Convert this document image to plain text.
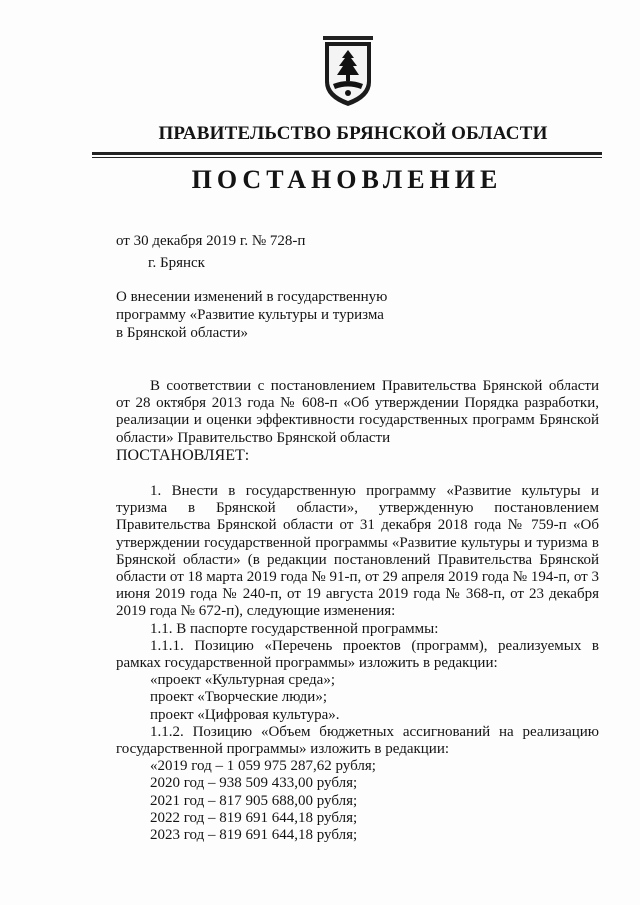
ПРАВИТЕЛЬСТВО БРЯНСКОЙ ОБЛАСТИ
ПОСТАНОВЛЕНИЕ
от 30 декабря 2019 г. № 728-п
г. Брянск
О внесении изменений в государственную
программу «Развитие культуры и туризма
в Брянской области»

В соответствии с постановлением Правительства Брянской области от 28 октября 2013 года № 608-п «Об утверждении Порядка разработки, реализации и оценки эффективности государственных программ Брянской области» Правительство Брянской области

ПОСТАНОВЛЯЕТ:

1. Внести в государственную программу «Развитие культуры и туризма в Брянской области», утвержденную постановлением Правительства Брянской области от 31 декабря 2018 года № 759-п «Об утверждении государственной программы «Развитие культуры и туризма в Брянской области» (в редакции постановлений Правительства Брянской области от 18 марта 2019 года № 91-п, от 29 апреля 2019 года № 194-п, от 3 июня 2019 года № 240-п, от 19 августа 2019 года № 368-п, от 23 декабря 2019 года № 672-п), следующие изменения:

1.1. В паспорте государственной программы:

1.1.1. Позицию «Перечень проектов (программ), реализуемых в рамках государственной программы» изложить в редакции:

«проект «Культурная среда»;
проект «Творческие люди»;
проект «Цифровая культура».

1.1.2. Позицию «Объем бюджетных ассигнований на реализацию государственной программы» изложить в редакции:

«2019 год – 1 059 975 287,62 рубля;
2020 год – 938 509 433,00 рубля;
2021 год – 817 905 688,00 рубля;
2022 год – 819 691 644,18 рубля;
2023 год – 819 691 644,18 рубля;
